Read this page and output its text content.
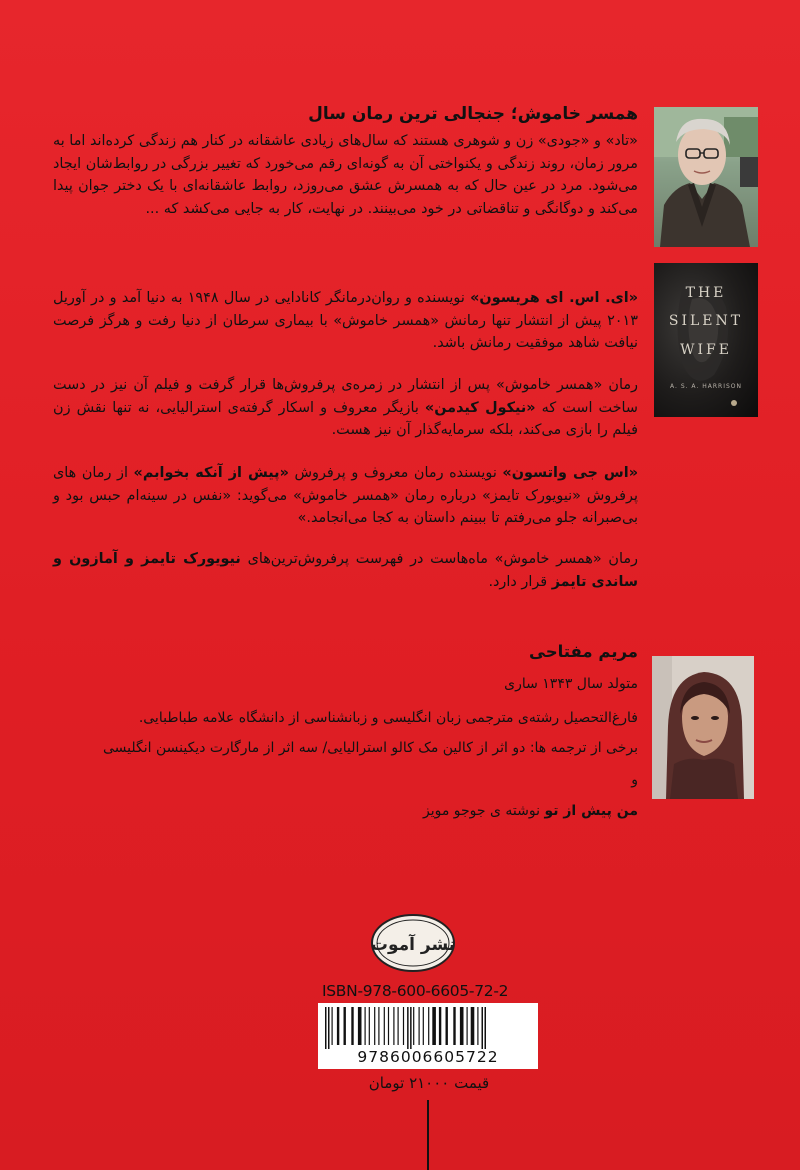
همسر خاموش؛ جنجالی ترین رمان سال
«تاد» و «جودی» زن و شوهری هستند که سال‌های زیادی عاشقانه در کنار هم زندگی کرده‌اند اما به مرور زمان، روند زندگی و یکنواختی آن به گونه‌ای رقم می‌خورد که تغییر بزرگی در روابط‌شان ایجاد می‌شود. مرد در عین حال که به همسرش عشق می‌روزد، روابط عاشقانه‌ای با یک دختر جوان پیدا می‌کند و دوگانگی و تناقضاتی در خود می‌بینند. در نهایت، کار به جایی می‌کشد که ...
«ای. اس. ای هریسون» نویسنده و روان‌درمانگر کانادایی در سال ۱۹۴۸ به دنیا آمد و در آوریل ۲۰۱۳ پیش از انتشار تنها رمانش «همسر خاموش» با بیماری سرطان از دنیا رفت و هرگز فرصت نیافت شاهد موفقیت رمانش باشد.
رمان «همسر خاموش» پس از انتشار در زمره‌ی پرفروش‌ها قرار گرفت و فیلم آن نیز در دست ساخت است که «نیکول کیدمن» بازیگر معروف و اسکار گرفته‌ی استرالیایی، نه تنها نقش زن فیلم را بازی می‌کند، بلکه سرمایه‌گذار آن نیز هست.
«اس جی واتسون» نویسنده رمان معروف و پرفروش «پیش از آنکه بخوابم» از رمان های پرفروش «نیویورک تایمز» درباره رمان «همسر خاموش» می‌گوید: «نفس در سینه‌ام حبس بود و بی‌صبرانه جلو می‌رفتم تا ببینم داستان به کجا می‌انجامد.»
رمان «همسر خاموش» ماه‌هاست در فهرست پرفروش‌ترین‌های نیویورک تایمز و آمازون و ساندی تایمز قرار دارد.
THE
SILENT
WIFE
A. S. A. HARRISON
مریم مفتاحی
متولد سال ۱۳۴۳ ساری
فارغ‌التحصیل رشته‌ی مترجمی زبان انگلیسی و زبانشناسی از دانشگاه علامه طباطبایی.
برخی از ترجمه ها: دو اثر از کالین مک کالو استرالیایی/ سه اثر از مارگارت دیکینسن انگلیسی
و
من پیش از تو نوشته ی جوجو مویز
نشر آموت
ISBN-978-600-6605-72-2
9786006605722
قیمت ۲۱۰۰۰ تومان
